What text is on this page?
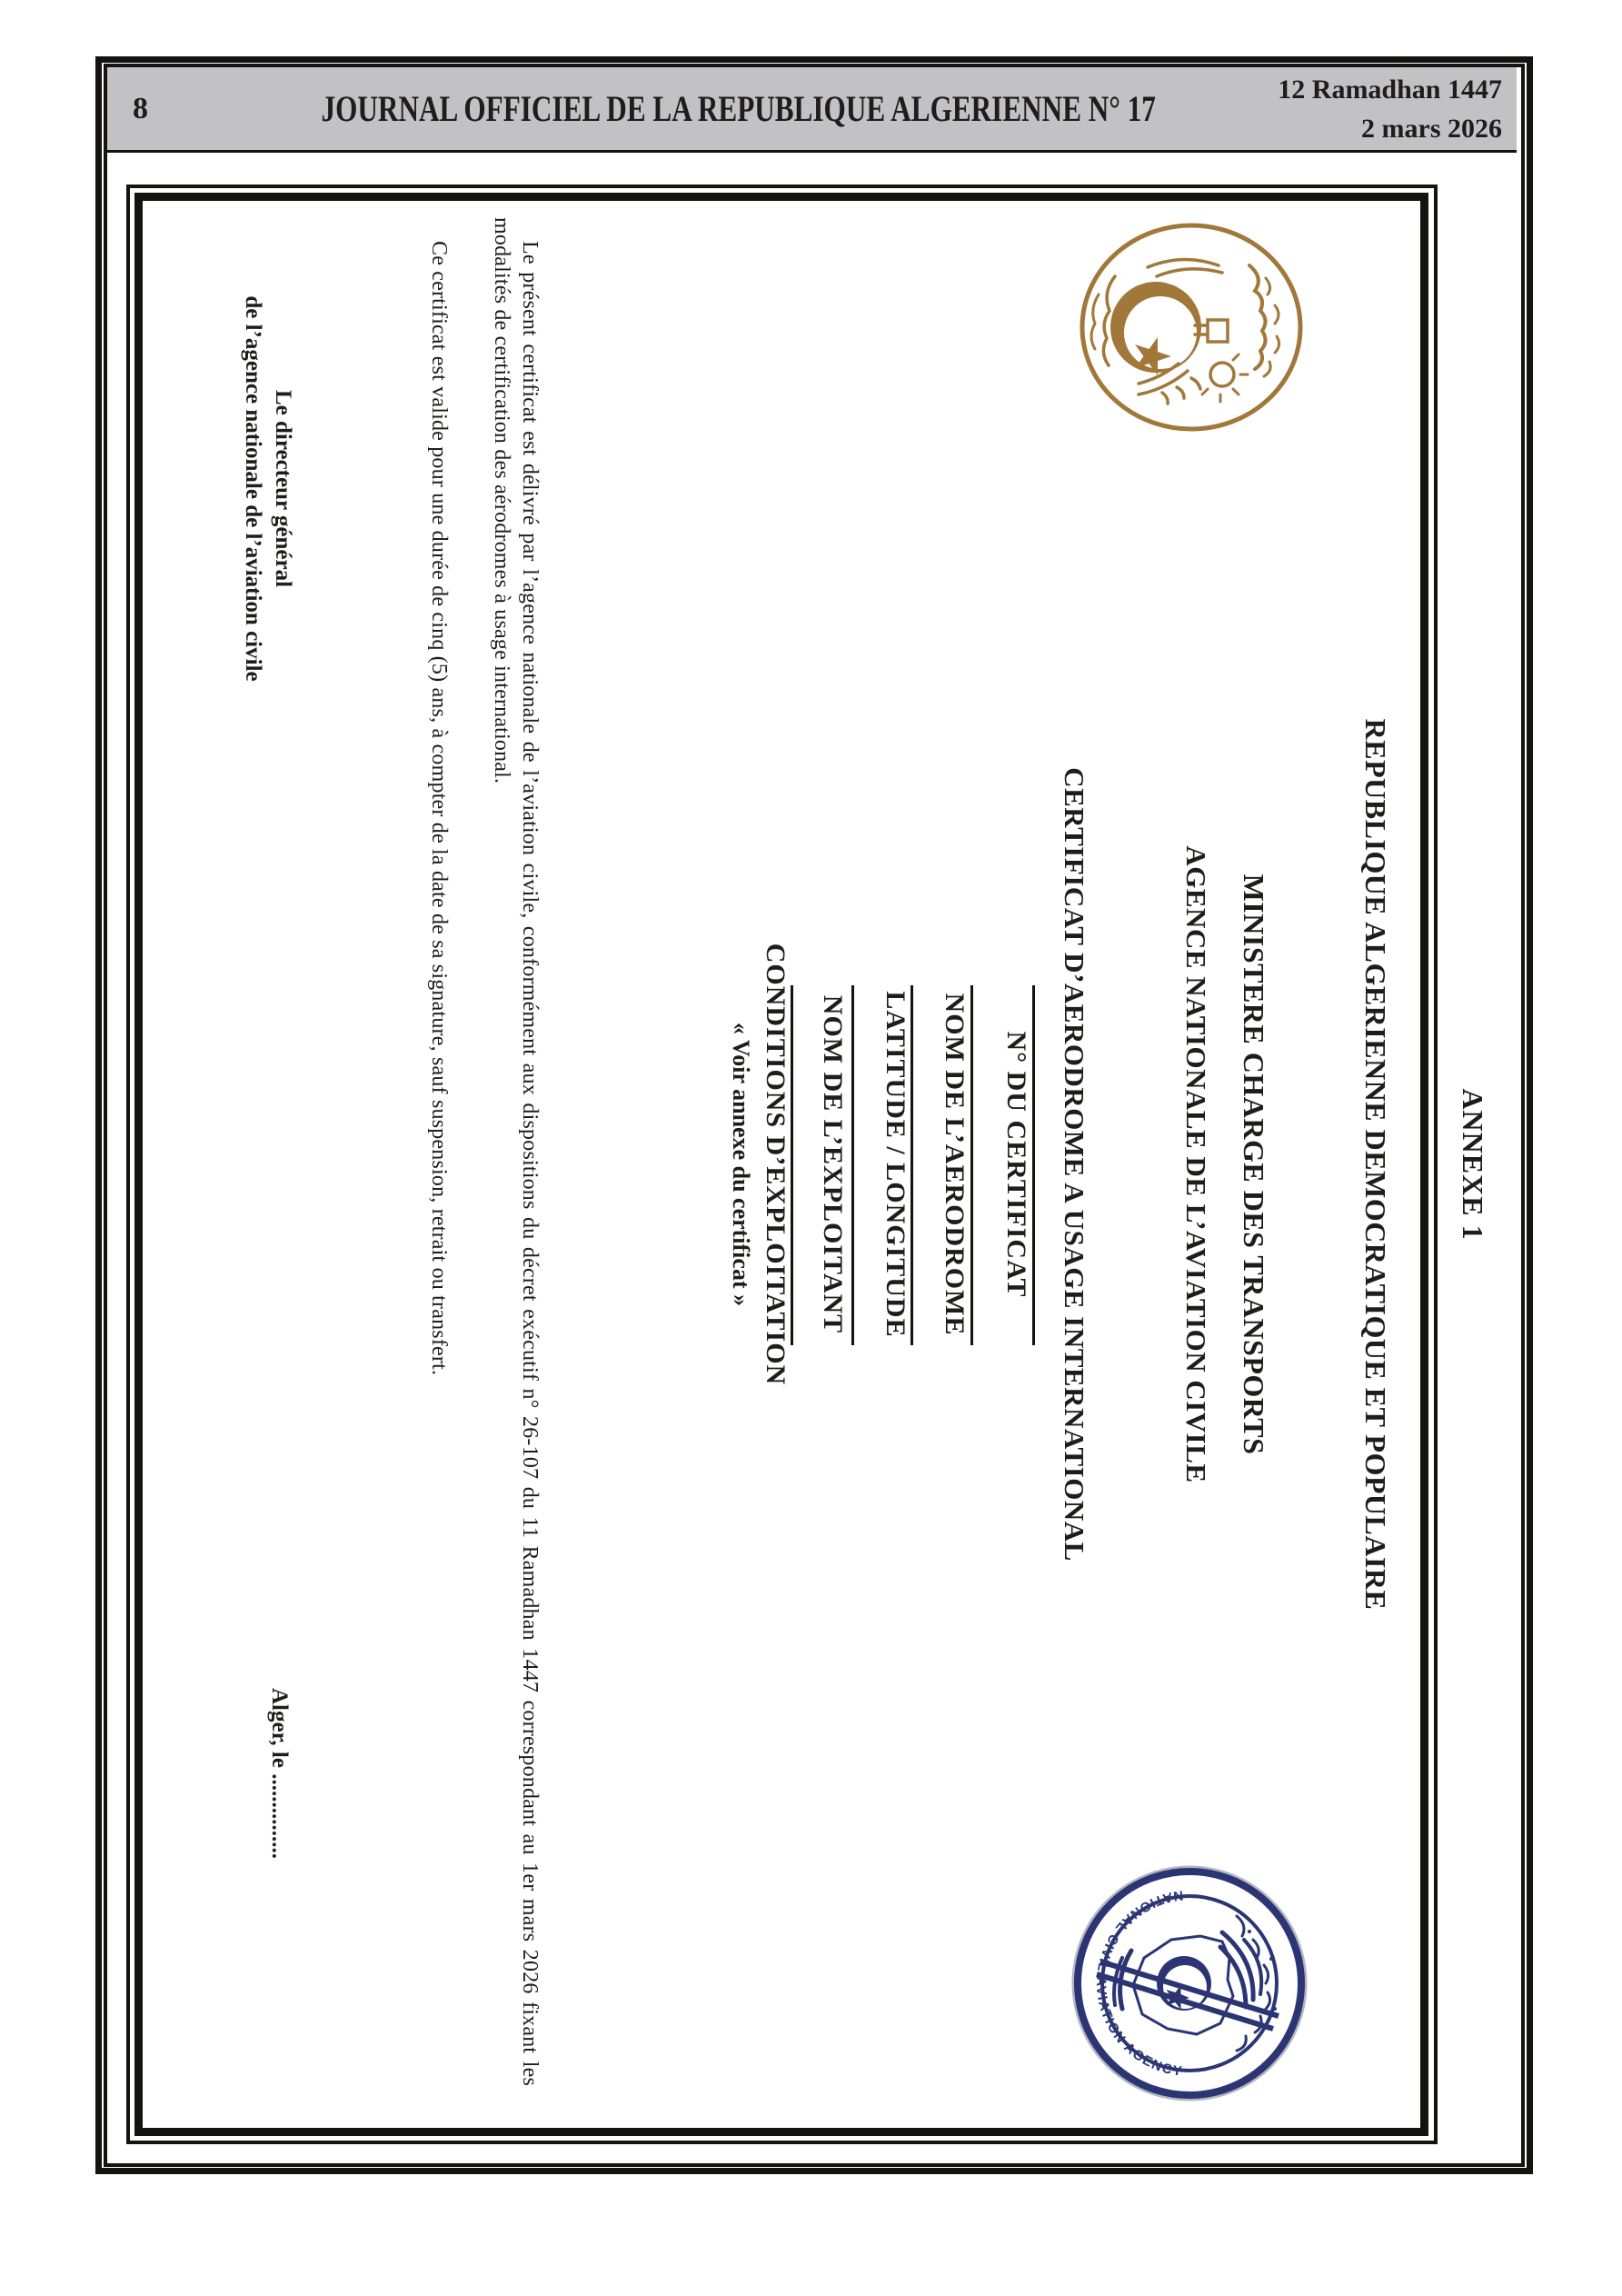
8	JOURNAL OFFICIEL DE LA REPUBLIQUE ALGERIENNE N° 17	12 Ramadhan 1447
2 mars 2026
ANNEXE 1
REPUBLIQUE ALGERIENNE DEMOCRATIQUE ET POPULAIRE
NATIONAL CIVIL AVIATION AGENCY
MINISTERE CHARGE DES TRANSPORTS
AGENCE NATIONALE DE L’AVIATION CIVILE
CERTIFICAT D’AERODROME A USAGE INTERNATIONAL
N° DU CERTIFICAT
NOM DE L’AERODROME
LATITUDE / LONGITUDE
NOM DE L’EXPLOITANT
CONDITIONS D’EXPLOITATION
« Voir annexe du certificat »
Le présent certificat est délivré par l’agence nationale de l’aviation civile, conformément aux dispositions du décret exécutif n° 26-107 du 11 Ramadhan 1447 correspondant au 1er mars 2026 fixant les modalités de certification des aérodromes à usage international.
Ce certificat est valide pour une durée de cinq (5) ans, à compter de la date de sa signature, sauf suspension, retrait ou transfert.
Le directeur général
de l’agence nationale de l’aviation civile
Alger, le ...............
